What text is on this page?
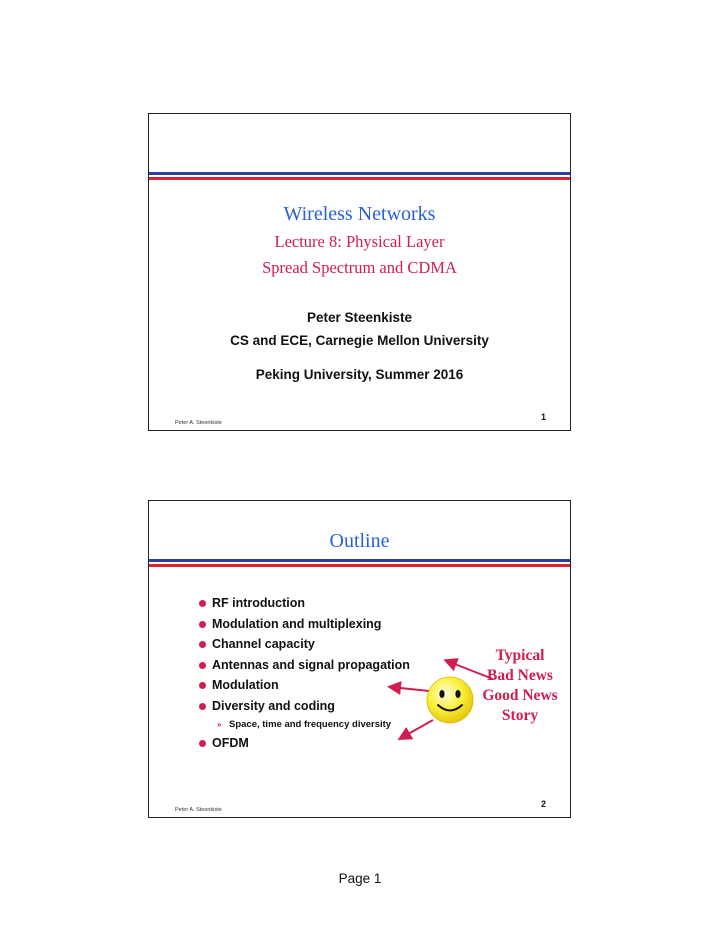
Wireless Networks
Lecture 8: Physical Layer
Spread Spectrum and CDMA
Peter Steenkiste
CS and ECE, Carnegie Mellon University
Peking University, Summer 2016
Peter A. Steenkiste
1
Outline
RF introduction
Modulation and multiplexing
Channel capacity
Antennas and signal propagation
Modulation
Diversity and coding
» Space, time and frequency diversity
OFDM
Typical
Bad News
Good News
Story
Peter A. Steenkiste
2
Page 1
